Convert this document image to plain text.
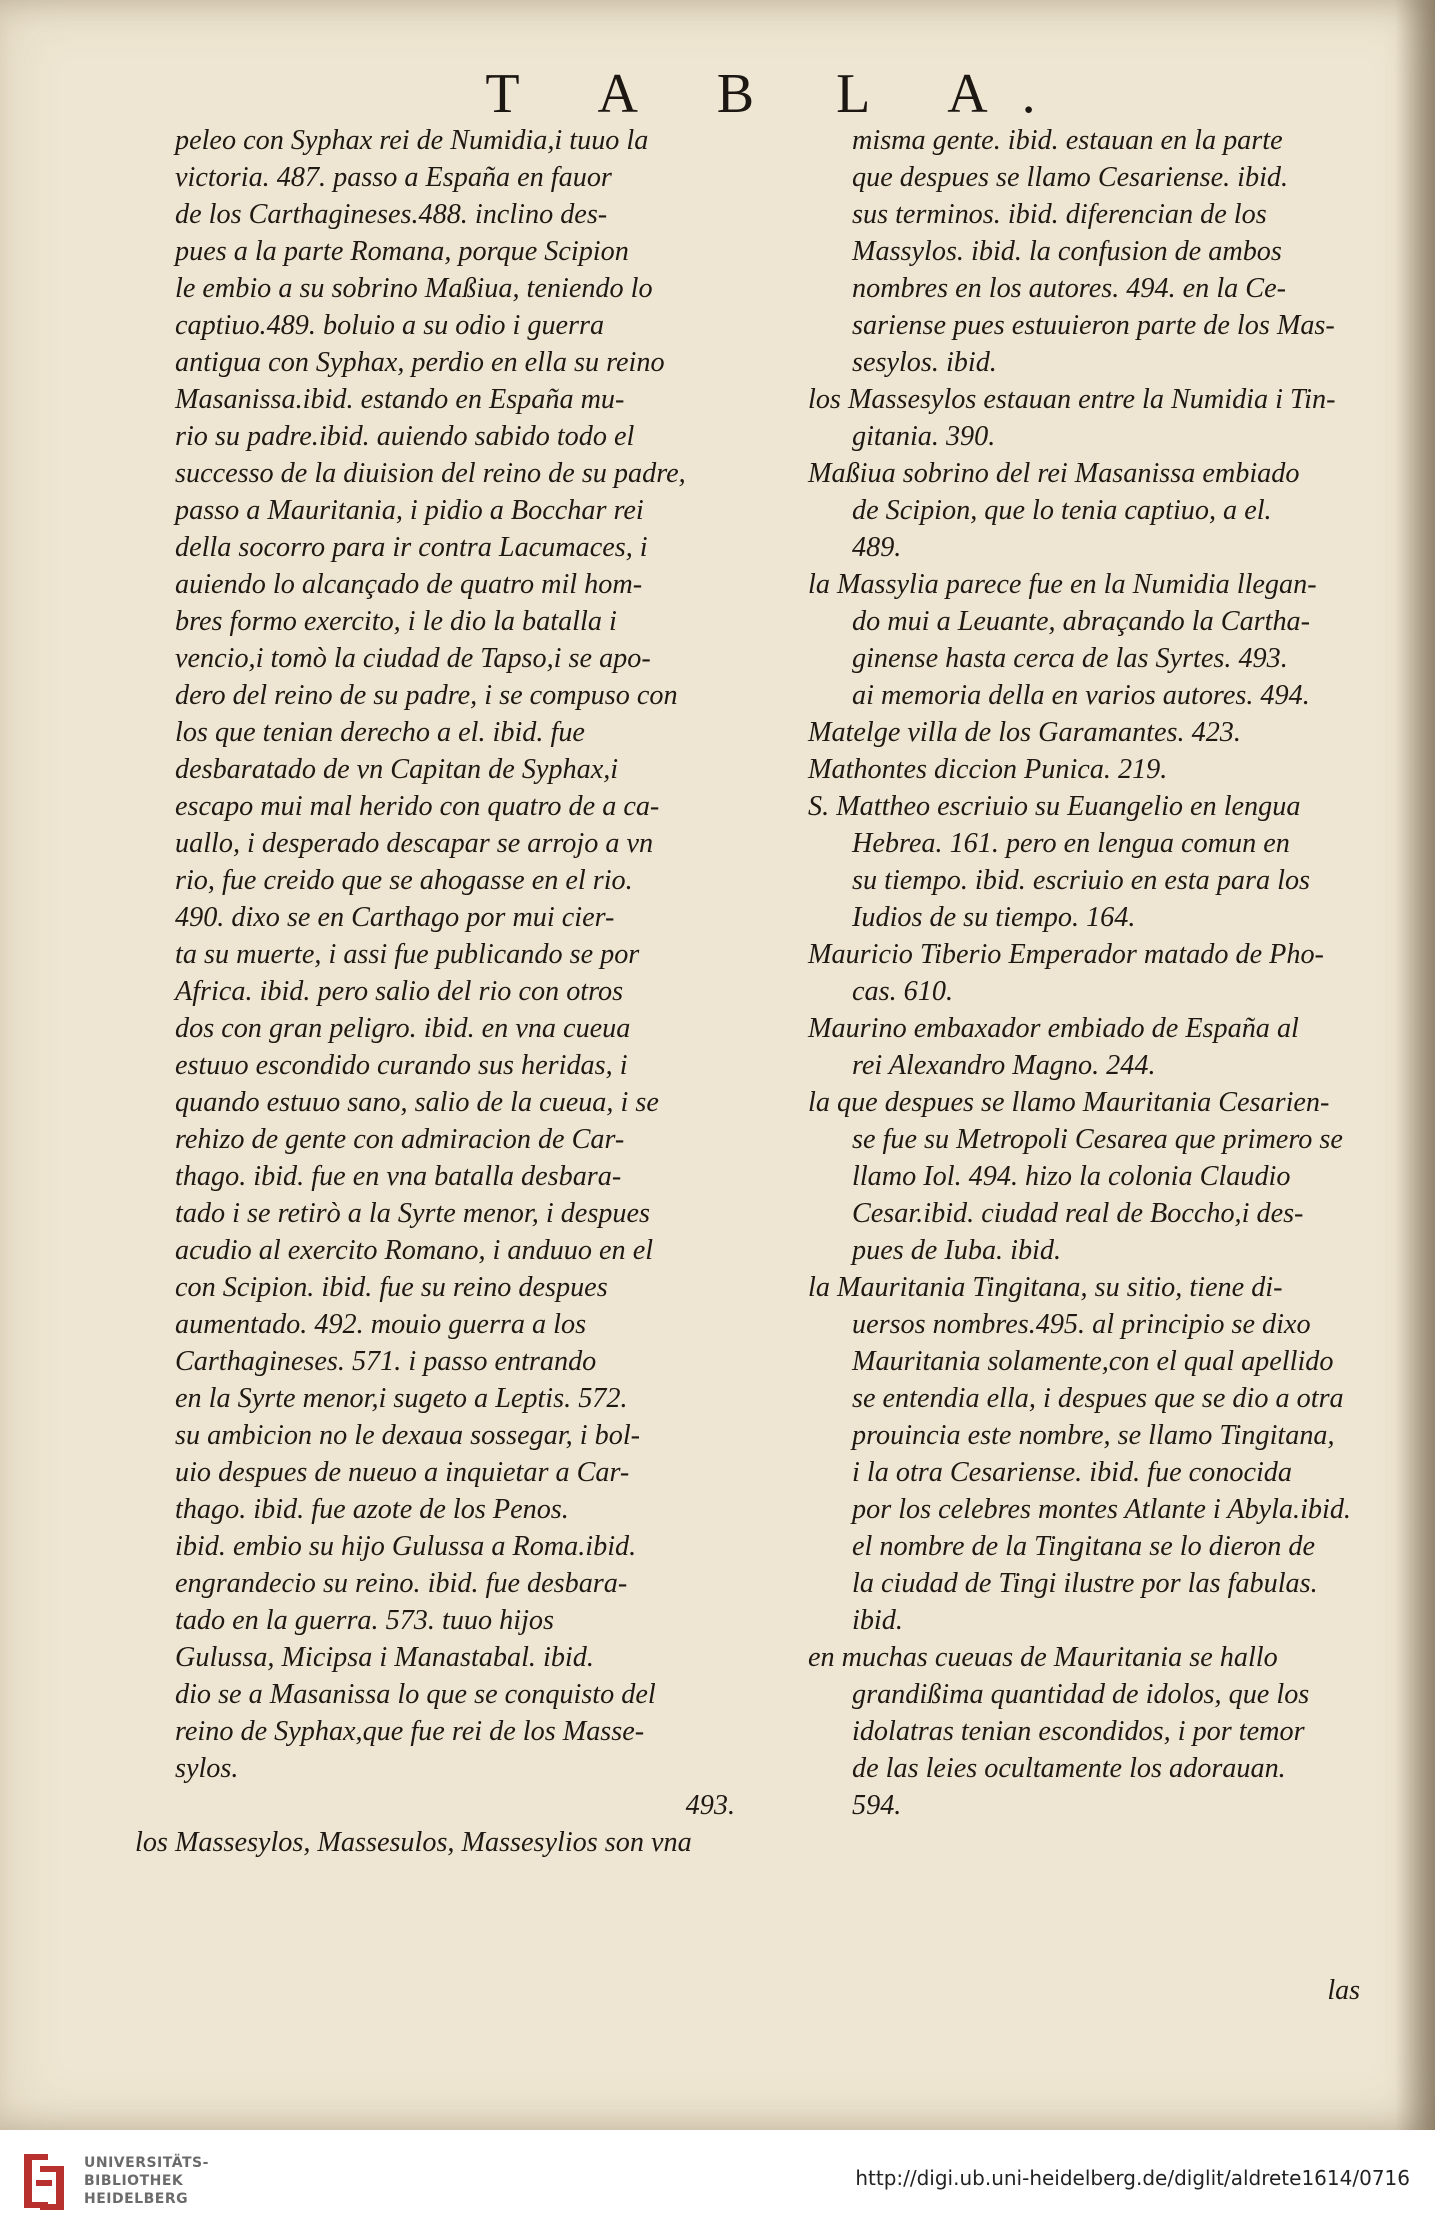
T A B L A.
peleo con Syphax rei de Numidia,i tuuo la
victoria. 487. passo a España en fauor
de los Carthagineses.488. inclino des-
pues a la parte Romana, porque Scipion
le embio a su sobrino Maßiua, teniendo lo
captiuo.489. boluio a su odio i guerra
antigua con Syphax, perdio en ella su reino
Masanissa.ibid. estando en España mu-
rio su padre.ibid. auiendo sabido todo el
successo de la diuision del reino de su padre,
passo a Mauritania, i pidio a Bocchar rei
della socorro para ir contra Lacumaces, i
auiendo lo alcançado de quatro mil hom-
bres formo exercito, i le dio la batalla i
vencio,i tomò la ciudad de Tapso,i se apo-
dero del reino de su padre, i se compuso con
los que tenian derecho a el. ibid. fue
desbaratado de vn Capitan de Syphax,i
escapo mui mal herido con quatro de a ca-
uallo, i desperado descapar se arrojo a vn
rio, fue creido que se ahogasse en el rio.
490. dixo se en Carthago por mui cier-
ta su muerte, i assi fue publicando se por
Africa. ibid. pero salio del rio con otros
dos con gran peligro. ibid. en vna cueua
estuuo escondido curando sus heridas, i
quando estuuo sano, salio de la cueua, i se
rehizo de gente con admiracion de Car-
thago. ibid. fue en vna batalla desbara-
tado i se retirò a la Syrte menor, i despues
acudio al exercito Romano, i anduuo en el
con Scipion. ibid. fue su reino despues
aumentado. 492. mouio guerra a los
Carthagineses. 571. i passo entrando
en la Syrte menor,i sugeto a Leptis. 572.
su ambicion no le dexaua sossegar, i bol-
uio despues de nueuo a inquietar a Car-
thago. ibid. fue azote de los Penos.
ibid. embio su hijo Gulussa a Roma.ibid.
engrandecio su reino. ibid. fue desbara-
tado en la guerra. 573. tuuo hijos
Gulussa, Micipsa i Manastabal. ibid.
dio se a Masanissa lo que se conquisto del
reino de Syphax,que fue rei de los Masse-
sylos.
493.
los Massesylos, Massesulos, Massesylios son vna
misma gente. ibid. estauan en la parte
que despues se llamo Cesariense. ibid.
sus terminos. ibid. diferencian de los
Massylos. ibid. la confusion de ambos
nombres en los autores. 494. en la Ce-
sariense pues estuuieron parte de los Mas-
sesylos. ibid.
los Massesylos estauan entre la Numidia i Tin-
gitania. 390.
Maßiua sobrino del rei Masanissa embiado
de Scipion, que lo tenia captiuo, a el.
489.
la Massylia parece fue en la Numidia llegan-
do mui a Leuante, abraçando la Cartha-
ginense hasta cerca de las Syrtes. 493.
ai memoria della en varios autores. 494.
Matelge villa de los Garamantes. 423.
Mathontes diccion Punica. 219.
S. Mattheo escriuio su Euangelio en lengua
Hebrea. 161. pero en lengua comun en
su tiempo. ibid. escriuio en esta para los
Iudios de su tiempo. 164.
Mauricio Tiberio Emperador matado de Pho-
cas. 610.
Maurino embaxador embiado de España al
rei Alexandro Magno. 244.
la que despues se llamo Mauritania Cesarien-
se fue su Metropoli Cesarea que primero se
llamo Iol. 494. hizo la colonia Claudio
Cesar.ibid. ciudad real de Boccho,i des-
pues de Iuba. ibid.
la Mauritania Tingitana, su sitio, tiene di-
uersos nombres.495. al principio se dixo
Mauritania solamente,con el qual apellido
se entendia ella, i despues que se dio a otra
prouincia este nombre, se llamo Tingitana,
i la otra Cesariense. ibid. fue conocida
por los celebres montes Atlante i Abyla.ibid.
el nombre de la Tingitana se lo dieron de
la ciudad de Tingi ilustre por las fabulas.
ibid.
en muchas cueuas de Mauritania se hallo
grandißima quantidad de idolos, que los
idolatras tenian escondidos, i por temor
de las leies ocultamente los adorauan.
594.
las
UNIVERSITÄTS-
BIBLIOTHEK
HEIDELBERG
http://digi.ub.uni-heidelberg.de/diglit/aldrete1614/0716
